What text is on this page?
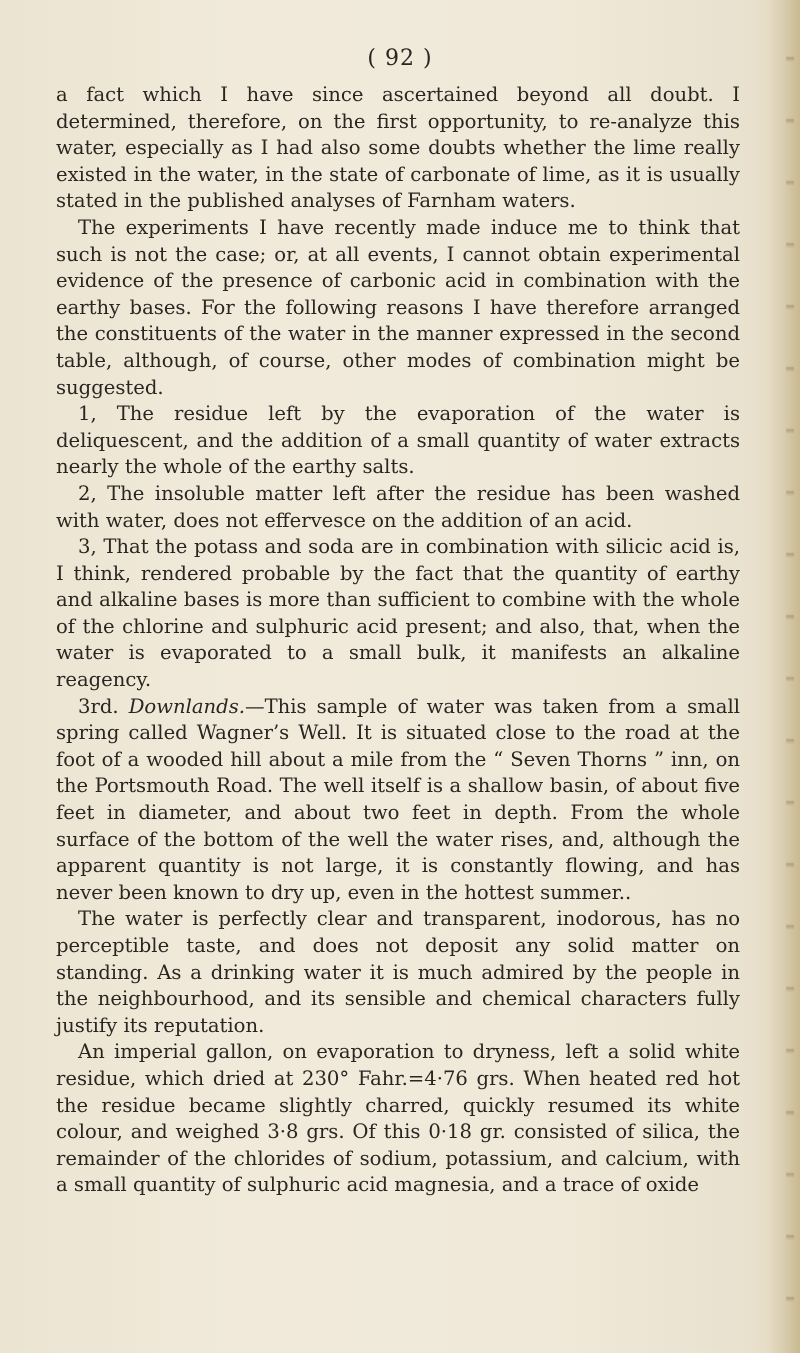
( 92 )

a fact which I have since ascertained beyond all doubt. I determined, therefore, on the first opportunity, to re-analyze this water, especially as I had also some doubts whether the lime really existed in the water, in the state of carbonate of lime, as it is usually stated in the published analyses of Farnham waters.

The experiments I have recently made induce me to think that such is not the case; or, at all events, I cannot obtain experimental evidence of the presence of carbonic acid in combination with the earthy bases. For the following reasons I have therefore arranged the constituents of the water in the manner expressed in the second table, although, of course, other modes of combination might be suggested.

1, The residue left by the evaporation of the water is deliquescent, and the addition of a small quantity of water extracts nearly the whole of the earthy salts.

2, The insoluble matter left after the residue has been washed with water, does not effervesce on the addition of an acid.

3, That the potass and soda are in combination with silicic acid is, I think, rendered probable by the fact that the quantity of earthy and alkaline bases is more than sufficient to combine with the whole of the chlorine and sulphuric acid present; and also, that, when the water is evaporated to a small bulk, it manifests an alkaline reagency.

3rd. Downlands.—This sample of water was taken from a small spring called Wagner’s Well. It is situated close to the road at the foot of a wooded hill about a mile from the “ Seven Thorns ” inn, on the Portsmouth Road. The well itself is a shallow basin, of about five feet in diameter, and about two feet in depth. From the whole surface of the bottom of the well the water rises, and, although the apparent quantity is not large, it is constantly flowing, and has never been known to dry up, even in the hottest summer..

The water is perfectly clear and transparent, inodorous, has no perceptible taste, and does not deposit any solid matter on standing. As a drinking water it is much admired by the people in the neighbourhood, and its sensible and chemical characters fully justify its reputation.

An imperial gallon, on evaporation to dryness, left a solid white residue, which dried at 230° Fahr.=4·76 grs. When heated red hot the residue became slightly charred, quickly resumed its white colour, and weighed 3·8 grs. Of this 0·18 gr. consisted of silica, the remainder of the chlorides of sodium, potassium, and calcium, with a small quantity of sulphuric acid magnesia, and a trace of oxide
